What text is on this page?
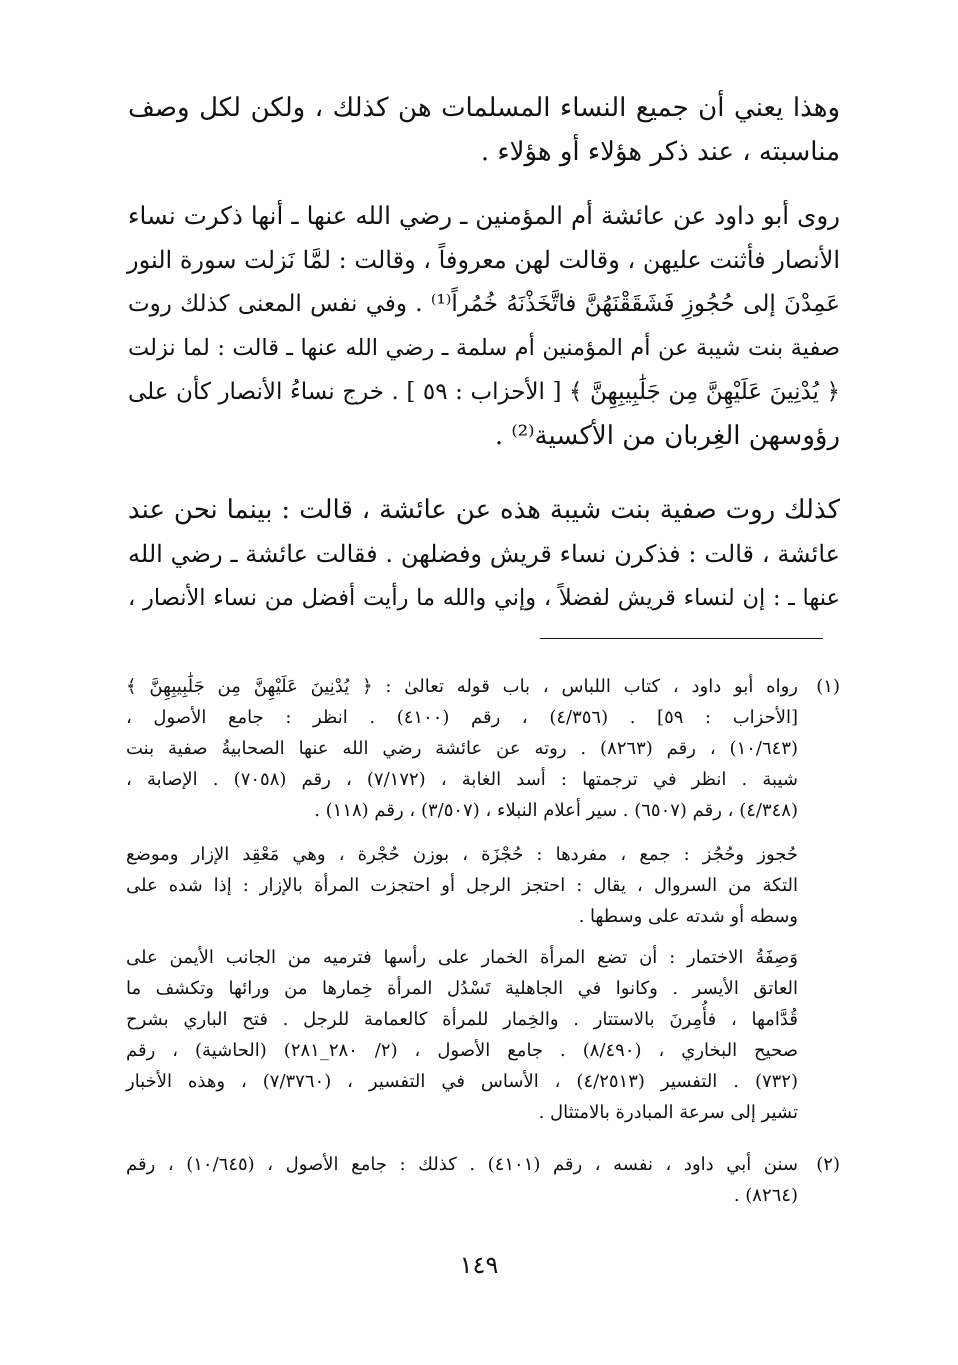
وهذا يعني أن جميع النساء المسلمات هن كذلك ، ولكن لكل وصف
مناسبته ، عند ذكر هؤلاء أو هؤلاء .
روى أبو داود عن عائشة أم المؤمنين ـ رضي الله عنها ـ أنها ذكرت نساء
الأنصار فأثنت عليهن ، وقالت لهن معروفاً ، وقالت : لمَّا نَزلت سورة النور
عَمِدْنَ إلى حُجُوزِ فَشَقَقْنَهُنَّ فاتَّخَذْنَهُ خُمُراً⁽¹⁾ . وفي نفس المعنى كذلك روت
صفية بنت شيبة عن أم المؤمنين أم سلمة ـ رضي الله عنها ـ قالت : لما نزلت
﴿ يُدْنِينَ عَلَيْهِنَّ مِن جَلَٰبِيبِهِنَّ ﴾ [ الأحزاب : ٥٩ ] . خرج نساءُ الأنصار كأن على
رؤوسهن الغِربان من الأكسية⁽²⁾ .
كذلك روت صفية بنت شيبة هذه عن عائشة ، قالت : بينما نحن عند
عائشة ، قالت : فذكرن نساء قريش وفضلهن . فقالت عائشة ـ رضي الله
عنها ـ : إن لنساء قريش لفضلاً ، وإني والله ما رأيت أفضل من نساء الأنصار ،
(١)
رواه أبو داود ، كتاب اللباس ، باب قوله تعالىٰ : ﴿ يُدْنِينَ عَلَيْهِنَّ مِن جَلَٰبِيبِهِنَّ ﴾
[الأحزاب : ٥٩] . (٤/٣٥٦) ، رقم (٤١٠٠) . انظر : جامع الأصول ،
(١٠/٦٤٣) ، رقم (٨٢٦٣) . روته عن عائشة رضي الله عنها الصحابيةُ صفية بنت
شيبة . انظر في ترجمتها : أسد الغابة ، (٧/١٧٢) ، رقم (٧٠٥٨) . الإصابة ،
(٤/٣٤٨) ، رقم (٦٥٠٧) . سير أعلام النبلاء ، (٣/٥٠٧) ، رقم (١١٨) .
حُجوز وحُجُز : جمع ، مفردها : حُجْزَة ، بوزن حُجْرة ، وهي مَعْقِد الإزار وموضع
التكة من السروال ، يقال : احتجز الرجل أو احتجزت المرأة بالإزار : إذا شده على
وسطه أو شدته على وسطها .
وَصِفَةُ الاختمار : أن تضع المرأة الخمار على رأسها فترميه من الجانب الأيمن على
العاتق الأيسر . وكانوا في الجاهلية تَسْدُل المرأة خِمارها من ورائها وتكشف ما
قُدَّامها ، فأُمِرنَ بالاستتار . والخِمار للمرأة كالعمامة للرجل . فتح الباري بشرح
صحيح البخاري ، (٨/٤٩٠) . جامع الأصول ، (٢/ ٢٨٠_٢٨١) (الحاشية) ، رقم
(٧٣٢) . التفسير (٤/٢٥١٣) ، الأساس في التفسير ، (٧/٣٧٦٠) ، وهذه الأخبار
تشير إلى سرعة المبادرة بالامتثال .
(٢)
سنن أبي داود ، نفسه ، رقم (٤١٠١) . كذلك : جامع الأصول ، (١٠/٦٤٥) ، رقم
(٨٢٦٤) .
١٤٩
